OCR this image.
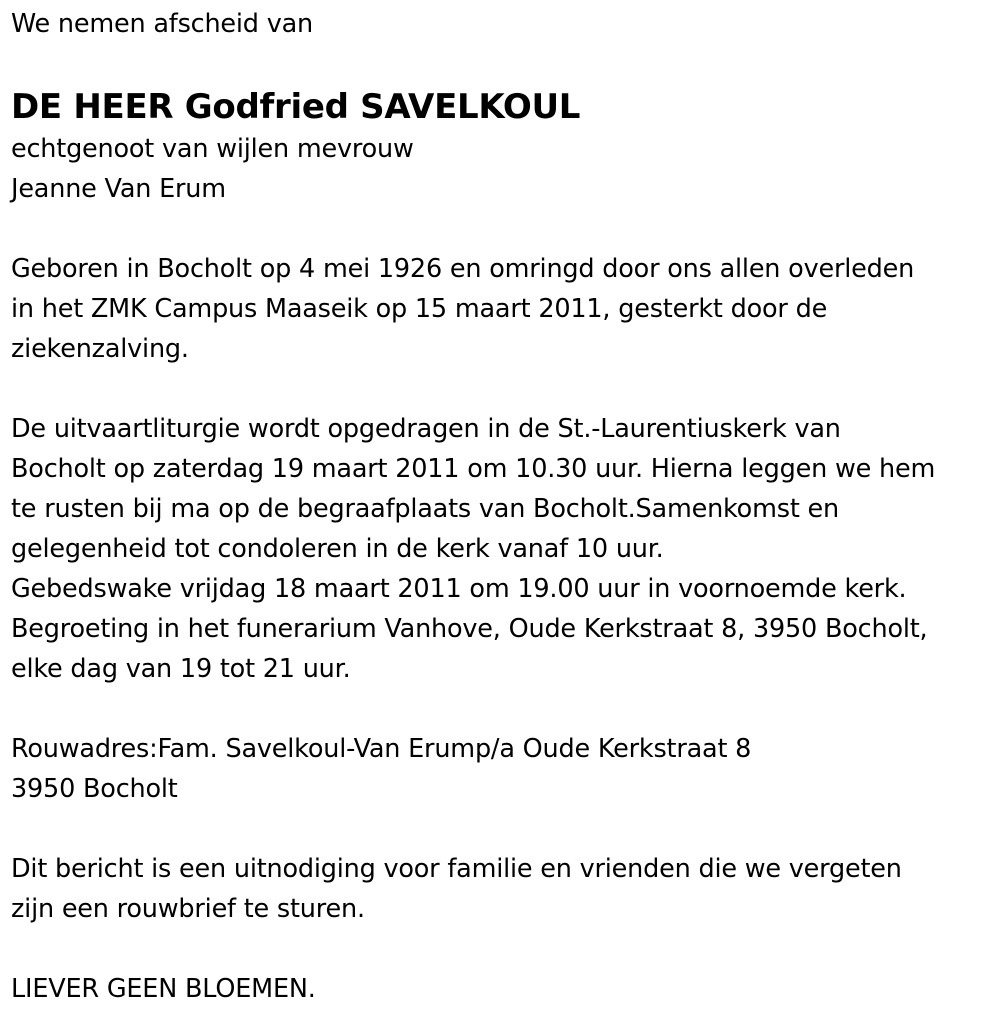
We nemen afscheid van
DE HEER Godfried SAVELKOUL
echtgenoot van wijlen mevrouw
Jeanne Van Erum
Geboren in Bocholt op 4 mei 1926 en omringd door ons allen overleden
in het ZMK Campus Maaseik op 15 maart 2011, gesterkt door de
ziekenzalving.
De uitvaartliturgie wordt opgedragen in de St.-Laurentiuskerk van
Bocholt op zaterdag 19 maart 2011 om 10.30 uur. Hierna leggen we hem
te rusten bij ma op de begraafplaats van Bocholt.Samenkomst en
gelegenheid tot condoleren in de kerk vanaf 10 uur.
Gebedswake vrijdag 18 maart 2011 om 19.00 uur in voornoemde kerk.
Begroeting in het funerarium Vanhove, Oude Kerkstraat 8, 3950 Bocholt,
elke dag van 19 tot 21 uur.
Rouwadres:Fam. Savelkoul-Van Erump/a Oude Kerkstraat 8
3950 Bocholt
Dit bericht is een uitnodiging voor familie en vrienden die we vergeten
zijn een rouwbrief te sturen.
LIEVER GEEN BLOEMEN.
